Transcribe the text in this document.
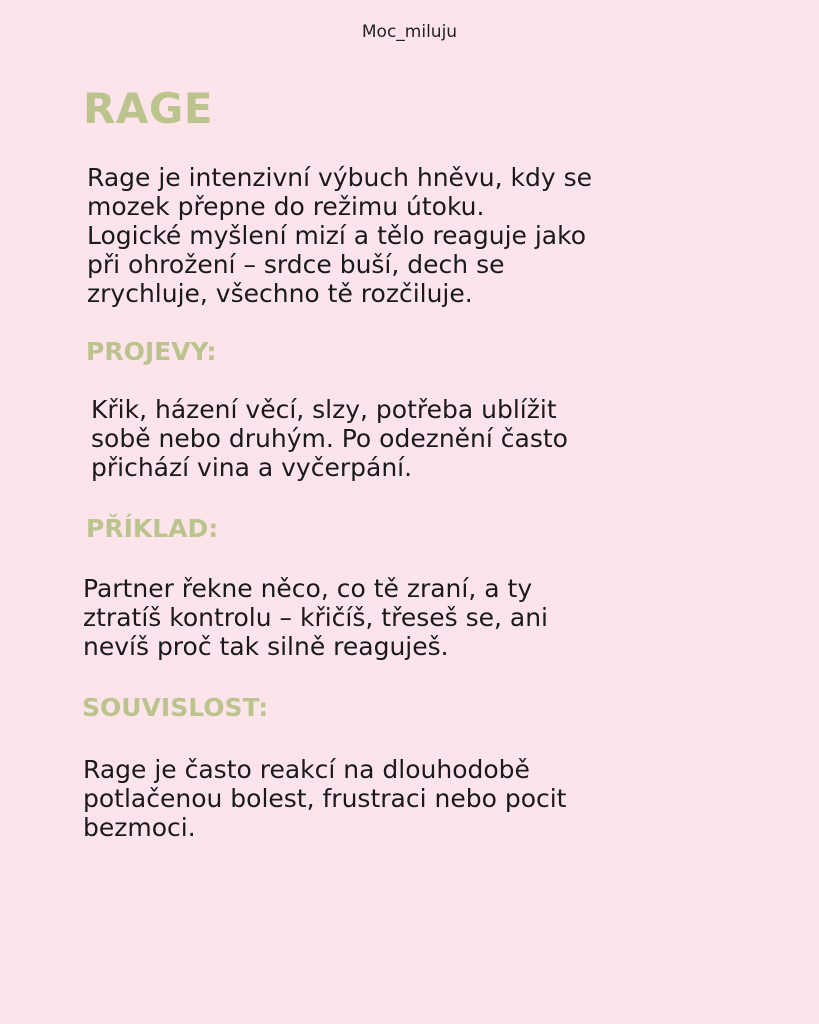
Moc_miluju
RAGE

Rage je intenzivní výbuch hněvu, kdy se
mozek přepne do režimu útoku.
Logické myšlení mizí a tělo reaguje jako
při ohrožení – srdce buší, dech se
zrychluje, všechno tě rozčiluje.

PROJEVY:

Křik, házení věcí, slzy, potřeba ublížit
sobě nebo druhým. Po odeznění často
přichází vina a vyčerpání.

PŘÍKLAD:

Partner řekne něco, co tě zraní, a ty
ztratíš kontrolu – křičíš, třeseš se, ani
nevíš proč tak silně reaguješ.

SOUVISLOST:

Rage je často reakcí na dlouhodobě
potlačenou bolest, frustraci nebo pocit
bezmoci.
